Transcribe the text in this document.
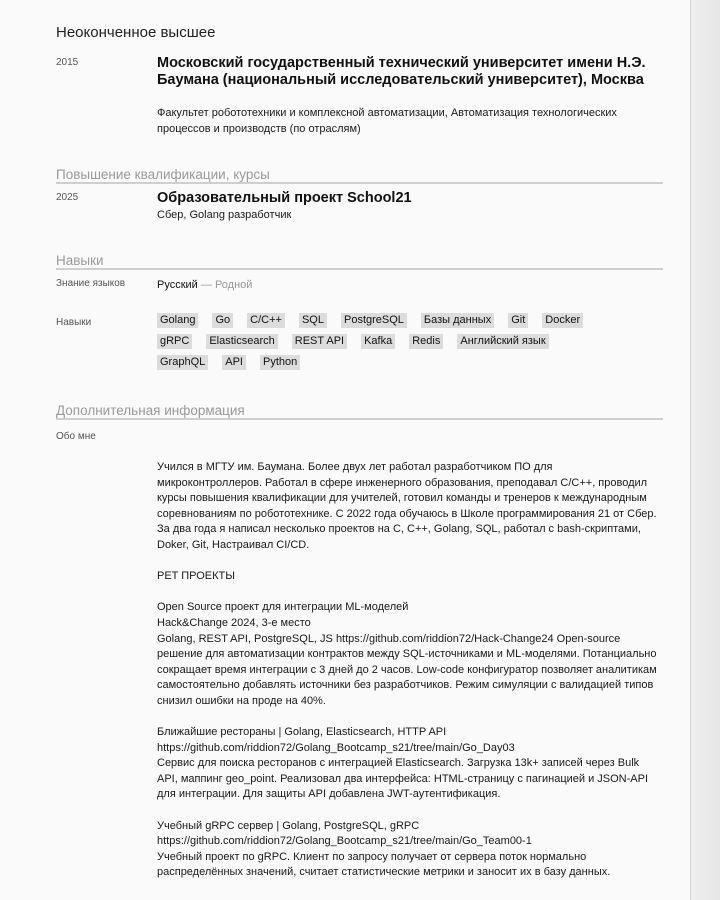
Неоконченное высшее
2015	Московский государственный технический университет имени Н.Э. Баумана (национальный исследовательский университет), Москва
Факультет робототехники и комплексной автоматизации, Автоматизация технологических процессов и производств (по отраслям)
Повышение квалификации, курсы
2025	Образовательный проект School21
Сбер, Golang разработчик
Навыки
Знание языков	Русский — Родной
Навыки	Golang Go C/C++ SQL PostgreSQL Базы данных Git Docker
gRPC Elasticsearch REST API Kafka Redis Английский язык
GraphQL API Python
Дополнительная информация
Обо мне

Учился в МГТУ им. Баумана. Более двух лет работал разработчиком ПО для микроконтроллеров. Работал в сфере инженерного образования, преподавал C/C++, проводил курсы повышения квалификации для учителей, готовил команды и тренеров к международным соревнованиям по робототехнике. С 2022 года обучаюсь в Школе программирования 21 от Сбер. За два года я написал несколько проектов на C, C++, Golang, SQL, работал с bash-скриптами, Doker, Git, Настраивал CI/CD.

PET ПРОЕКТЫ

Open Source проект для интеграции ML-моделей

Hack&Change 2024, 3-е место

Golang, REST API, PostgreSQL, JS https://github.com/riddion72/Hack-Change24 Open-source решение для автоматизации контрактов между SQL-источниками и ML-моделями. Потанциально сокращает время интеграции с 3 дней до 2 часов. Low-code конфигуратор позволяет аналитикам самостоятельно добавлять источники без разработчиков. Режим симуляции с валидацией типов снизил ошибки на проде на 40%.

Ближайшие рестораны | Golang, Elasticsearch, HTTP API

https://github.com/riddion72/Golang_Bootcamp_s21/tree/main/Go_Day03

Сервис для поиска ресторанов с интеграцией Elasticsearch. Загрузка 13k+ записей через Bulk API, маппинг geo_point. Реализовал два интерфейса: HTML-страницу с пагинацией и JSON-API для интеграции. Для защиты API добавлена JWT-аутентификация.

Учебный gRPC сервер | Golang, PostgreSQL, gRPC

https://github.com/riddion72/Golang_Bootcamp_s21/tree/main/Go_Team00-1

Учебный проект по gRPC. Клиент по запросу получает от сервера поток нормально распределённых значений, считает статистические метрики и заносит их в базу данных.
